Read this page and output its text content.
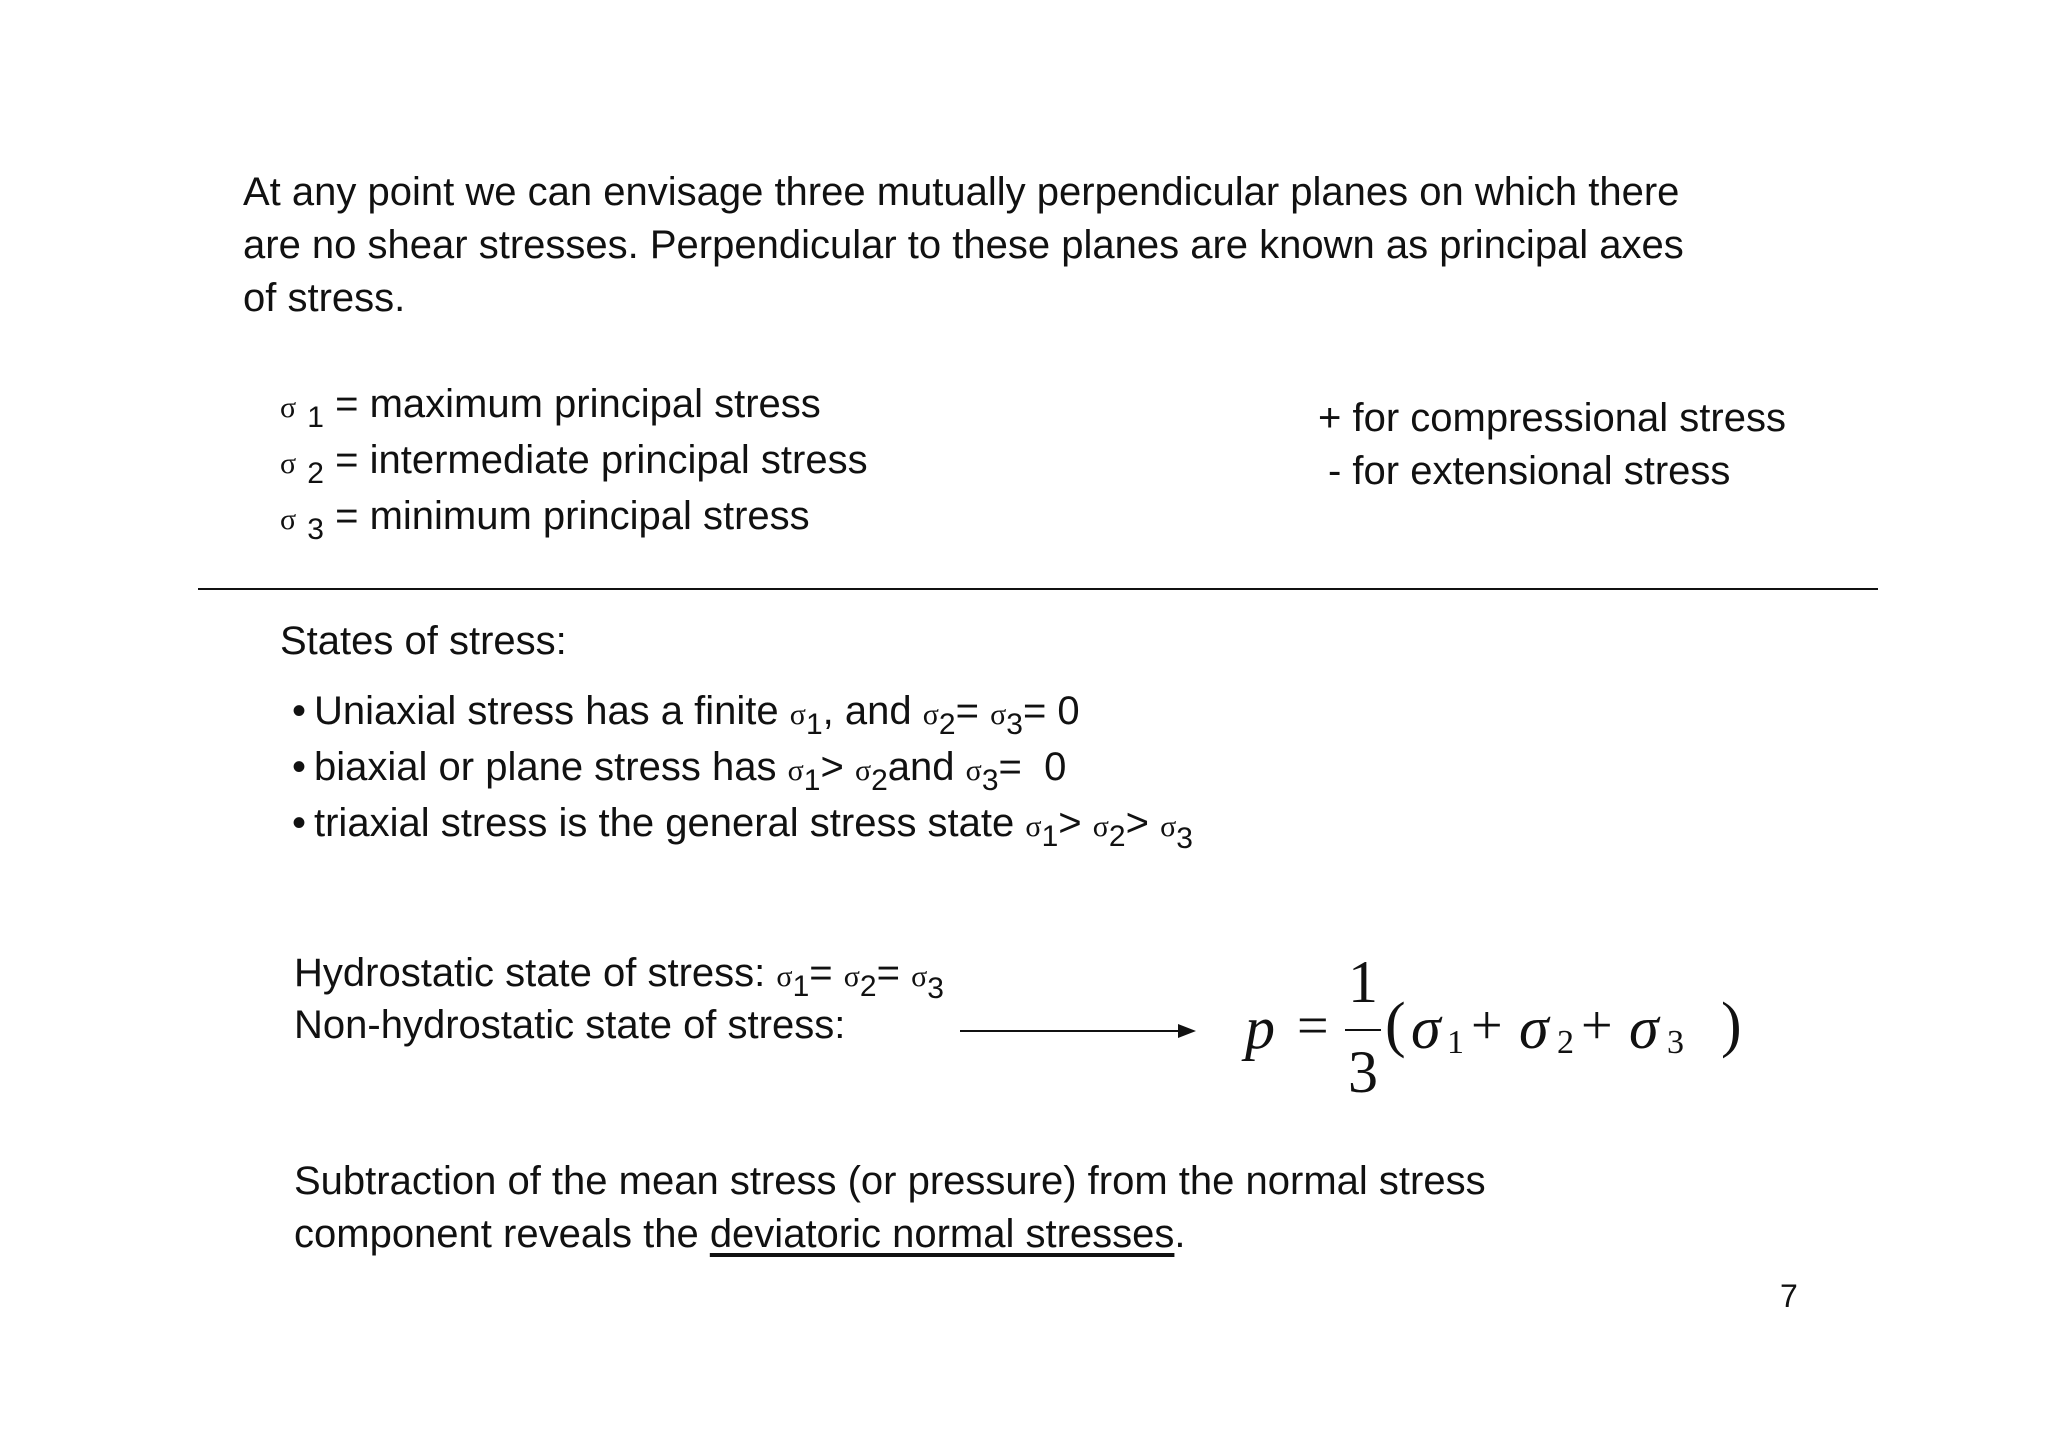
At any point we can envisage three mutually perpendicular planes on which there

are no shear stresses. Perpendicular to these planes are known as principal axes

of stress.

σ $_1$ = maximum principal stress
σ $_2$ = intermediate principal stress
σ $_3$ = minimum principal stress
+ for compressional stress
- for extensional stress
States of stress:
• Uniaxial stress has a finite $\sigma_1$, and $\sigma_2= \sigma_3= 0$
• biaxial or plane stress has $\sigma_1> \sigma_2and$ $\sigma_3= 0$
• triaxial stress is the general stress state $\sigma_1> \sigma_2> \sigma_3$
Hydrostatic state of stress: $\sigma_1= \sigma_2= \sigma_3$
Non-hydrostatic state of stress:	p =
1
3
( σ 1 + σ 2 + σ 3 )
Subtraction of the mean stress (or pressure) from the normal stress
component reveals the deviatoric normal stresses.
7
